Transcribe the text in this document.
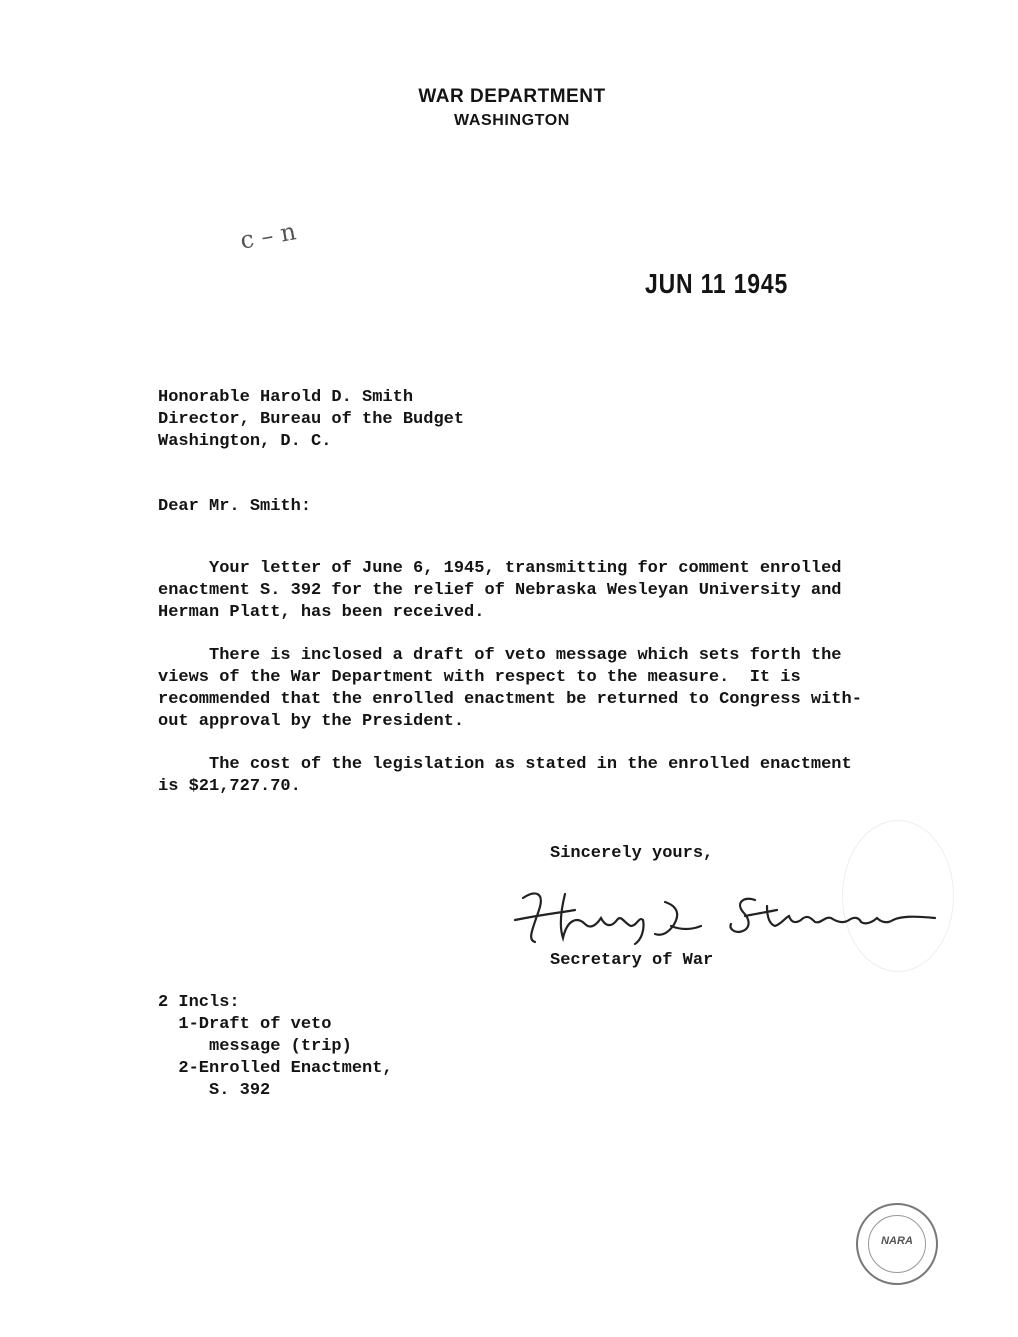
WAR DEPARTMENT
WASHINGTON
c – n
JUN 11 1945
Honorable Harold D. Smith
Director, Bureau of the Budget
Washington, D. C.
Dear Mr. Smith:
Your letter of June 6, 1945, transmitting for comment enrolled
enactment S. 392 for the relief of Nebraska Wesleyan University and
Herman Platt, has been received.
There is inclosed a draft of veto message which sets forth the
views of the War Department with respect to the measure.  It is
recommended that the enrolled enactment be returned to Congress with-
out approval by the President.
The cost of the legislation as stated in the enrolled enactment
is $21,727.70.
Sincerely yours,
Secretary of War
2 Incls:
1-Draft of veto
message (trip)
2-Enrolled Enactment,
S. 392
NARA
